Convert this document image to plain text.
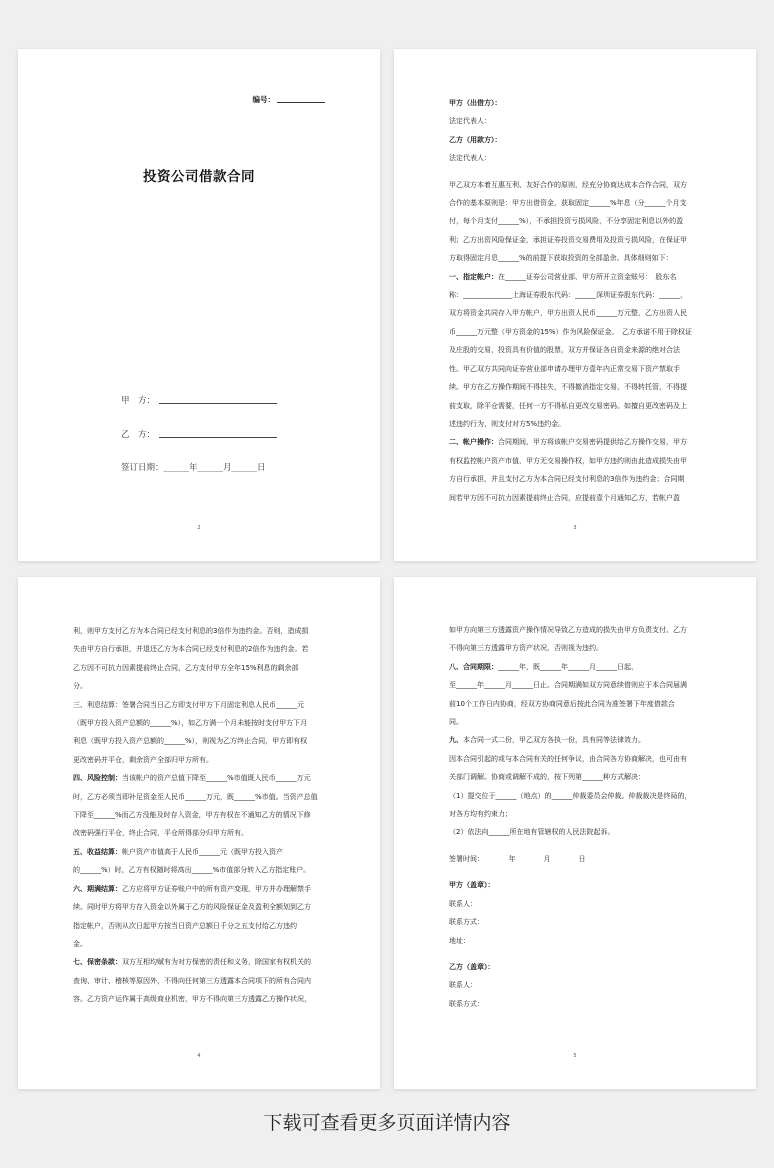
编号：
投资公司借款合同
甲　方：
乙　方：
签订日期：______年______月______日
2

甲方（出借方）：

法定代表人：

乙方（用款方）：

法定代表人：

甲乙双方本着互惠互利、友好合作的原则，经充分协商达成本合作合同，双方

合作的基本原则是：甲方出借资金，获取固定______%年息（分______个月支

付，每个月支付______%），不承担投资亏损风险，不分享固定利息以外的盈

利；乙方出资风险保证金，承担证券投资交易费用及投资亏损风险，在保证甲

方取得固定月息______%的前提下获取投资的全部盈余。具体细则如下：

一、指定帐户：在______证券公司营业部，甲方所开立资金账号：　股东名

称：______________上海证券股东代码：______深圳证券股东代码：______，

双方将资金共同存入甲方帐户，甲方出资人民币______万元整，乙方出资人民

币______万元整（甲方资金的15%）作为风险保证金。　乙方承诺不用于除权证

及庄股的交易，投资具有价值的股票，双方并保证各自资金来源的绝对合法

性。甲乙双方共同向证券营业部申请办理甲方壹年内正常交易下资产禁取手

续。甲方在乙方操作期间不得挂失，不得撤消指定交易，不得转托管，不得提

前支取，除平仓需要，任何一方不得私自更改交易密码。如擅自更改密码及上

述违约行为，则支付对方5%违约金。

二、帐户操作：合同期间，甲方将该帐户交易密码提供给乙方操作交易，甲方

有权监控帐户资产市值，甲方无交易操作权，如甲方违约则由此造成损失由甲

方自行承担，并且支付乙方为本合同已经支付利息的3倍作为违约金；合同期

间若甲方因不可抗力因素提前终止合同，应提前壹个月通知乙方，若帐户盈

3

利，则甲方支付乙方为本合同已经支付利息的3倍作为违约金。否则，造成损

失由甲方自行承担，并退还乙方为本合同已经支付利息的2倍作为违约金。若

乙方因不可抗力因素提前终止合同，乙方支付甲方全年15%利息的剩余部

分。

三、利息结算：签署合同当日乙方即支付甲方下月固定利息人民币______元

（既甲方投入资产总额的______%），如乙方满一个月未能按时支付甲方下月

利息（既甲方投入资产总额的______%），则视为乙方终止合同，甲方即有权

更改密码并平仓，剩余资产全部归甲方所有。

四、风险控制：当该帐户的资产总值下降至______%市值既人民币______万元

时，乙方必须当即补足资金至人民币______万元，既______%市值。当资产总值

下降至______%而乙方没能及时存入资金，甲方有权在不通知乙方的情况下修

改密码强行平仓，终止合同，平仓所得部分归甲方所有。

五、收益结算：帐户资产市值高于人民币______元（既甲方投入资产

的______%）时，乙方有权随时将高出______%市值部分转入乙方指定账户。

六、期满结算：乙方应将甲方证券账户中的所有资产变现，甲方并办理解禁手

续。同时甲方将甲方存入资金以外属于乙方的风险保证金及盈利全额划到乙方

指定帐户，否则从次日起甲方按当日资产总额日千分之五支付给乙方违约

金。

七、保密条款：双方互相均赋有为对方保密的责任和义务，除国家有权机关的

查询、审计、稽核等原因外，不得向任何第三方透露本合同项下的所有合同内

容。乙方资产运作属于高级商业机密，甲方不得向第三方透露乙方操作状况，

4

如甲方向第三方透露资产操作情况导致乙方造成的损失由甲方负责支付。乙方

不得向第三方透露甲方资产状况，否则视为违约。

八、合同期限：______年，既______年______月______日起，

至______年______月______日止。合同期满如双方同意续借则应于本合同届满

前10个工作日内协商，经双方协商同意后按此合同为准签署下年度借款合

同。

九、本合同一式二份，甲乙双方各执一份，具有同等法律效力。

因本合同引起的或与本合同有关的任何争议，由合同各方协商解决，也可由有

关部门调解。协商或调解不成的，按下列第______种方式解决：

（1）提交位于______（地点）的______仲裁委员会仲裁。仲裁裁决是终局的，

对各方均有约束力；

（2）依法向______所在地有管辖权的人民法院起诉。

签署时间：　　　　年　　　　月　　　　日

甲方（盖章）：

联系人：

联系方式：

地址：

乙方（盖章）：

联系人：

联系方式：

5
下载可查看更多页面详情内容
